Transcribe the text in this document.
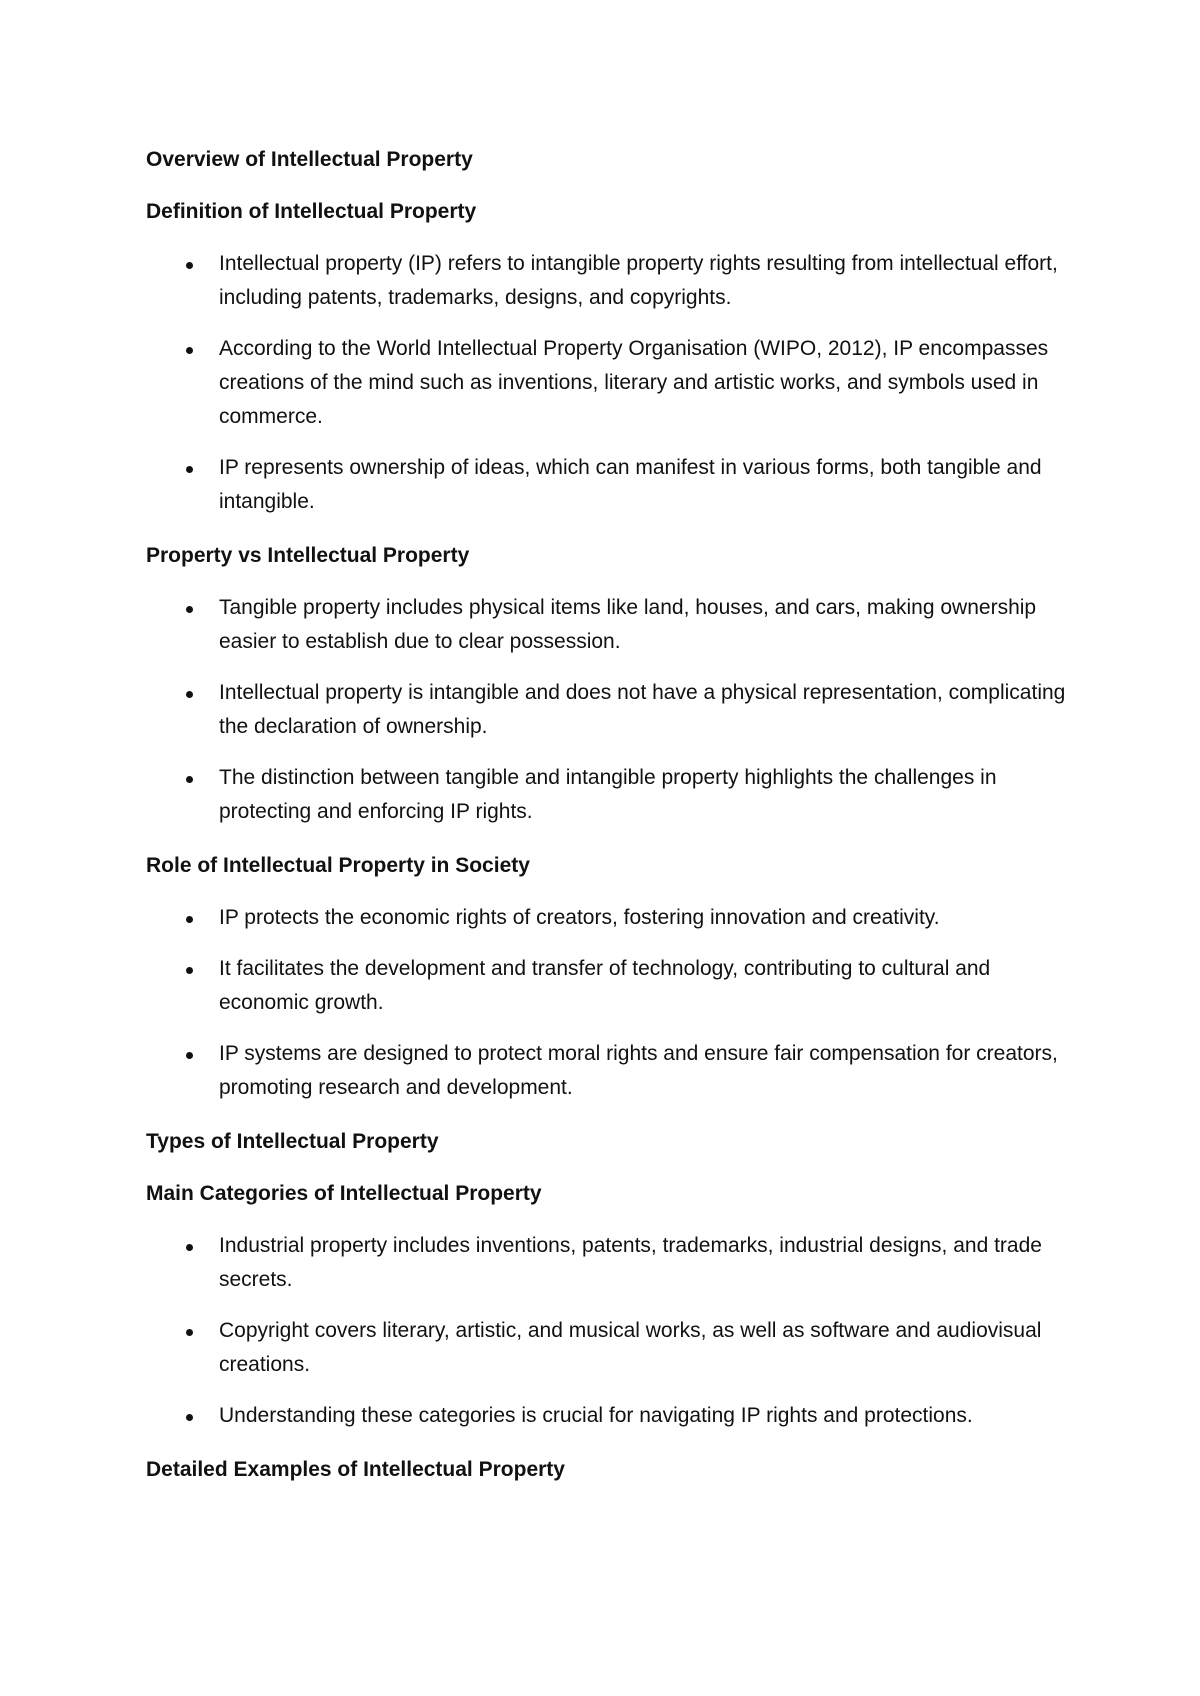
Overview of Intellectual Property
Definition of Intellectual Property
Intellectual property (IP) refers to intangible property rights resulting from intellectual effort, including patents, trademarks, designs, and copyrights.
According to the World Intellectual Property Organisation (WIPO, 2012), IP encompasses creations of the mind such as inventions, literary and artistic works, and symbols used in commerce.
IP represents ownership of ideas, which can manifest in various forms, both tangible and intangible.
Property vs Intellectual Property
Tangible property includes physical items like land, houses, and cars, making ownership easier to establish due to clear possession.
Intellectual property is intangible and does not have a physical representation, complicating the declaration of ownership.
The distinction between tangible and intangible property highlights the challenges in protecting and enforcing IP rights.
Role of Intellectual Property in Society
IP protects the economic rights of creators, fostering innovation and creativity.
It facilitates the development and transfer of technology, contributing to cultural and economic growth.
IP systems are designed to protect moral rights and ensure fair compensation for creators, promoting research and development.
Types of Intellectual Property
Main Categories of Intellectual Property
Industrial property includes inventions, patents, trademarks, industrial designs, and trade secrets.
Copyright covers literary, artistic, and musical works, as well as software and audiovisual creations.
Understanding these categories is crucial for navigating IP rights and protections.
Detailed Examples of Intellectual Property
